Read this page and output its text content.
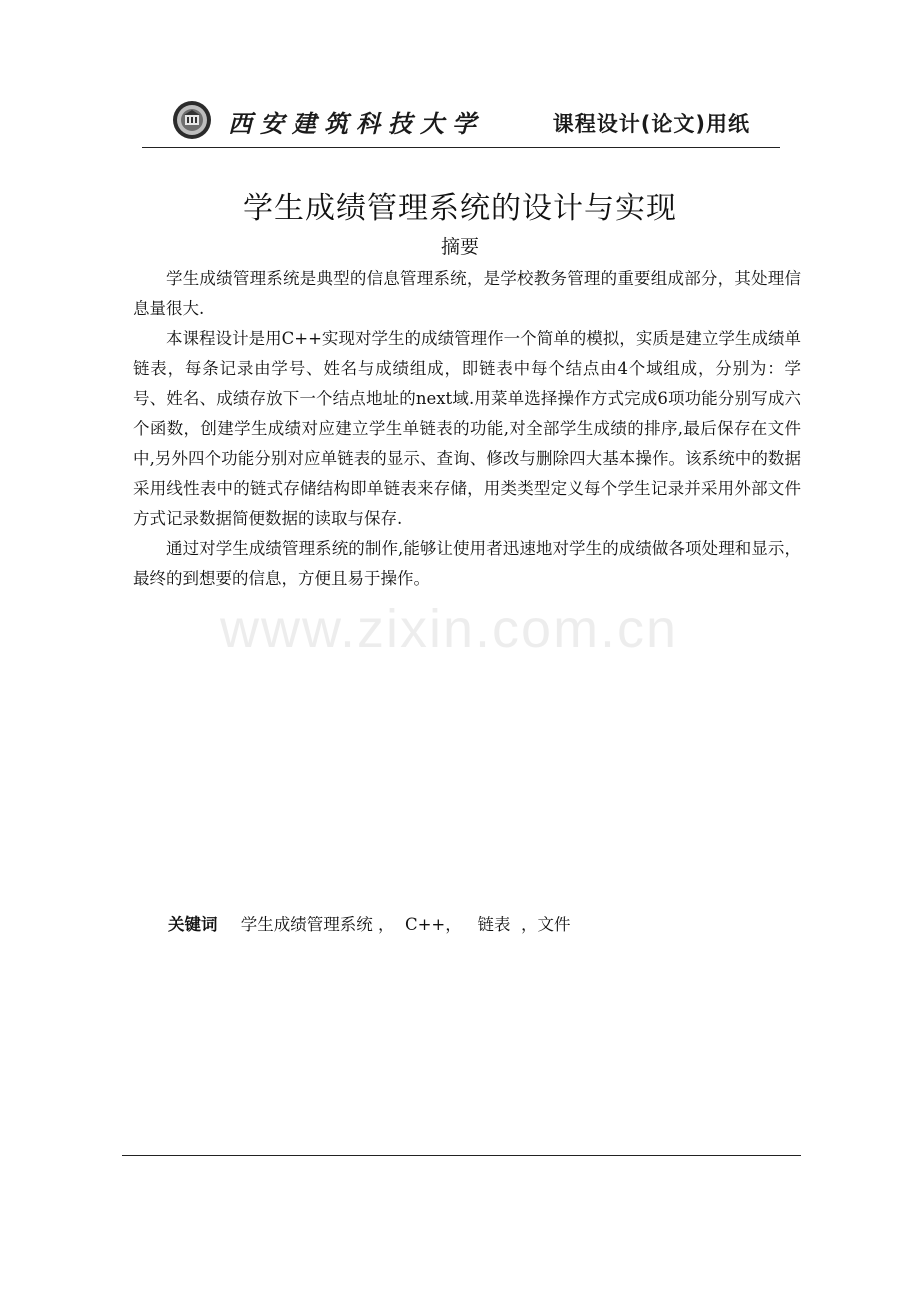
西安建筑科技大学	课程设计(论文)用纸
学生成绩管理系统的设计与实现
摘要

学生成绩管理系统是典型的信息管理系统，是学校教务管理的重要组成部分，其处理信息量很大.

本课程设计是用C++实现对学生的成绩管理作一个简单的模拟，实质是建立学生成绩单链表，每条记录由学号、姓名与成绩组成，即链表中每个结点由4个域组成，分别为：学号、姓名、成绩存放下一个结点地址的next域.用菜单选择操作方式完成6项功能分别写成六个函数，创建学生成绩对应建立学生单链表的功能,对全部学生成绩的排序,最后保存在文件中,另外四个功能分别对应单链表的显示、查询、修改与删除四大基本操作。该系统中的数据采用线性表中的链式存储结构即单链表来存储，用类类型定义每个学生记录并采用外部文件方式记录数据简便数据的读取与保存.

通过对学生成绩管理系统的制作,能够让使用者迅速地对学生的成绩做各项处理和显示，最终的到想要的信息，方便且易于操作。

www.zixin.com.cn
关键词 学生成绩管理系统 ，  C++，   链表  ，文件
